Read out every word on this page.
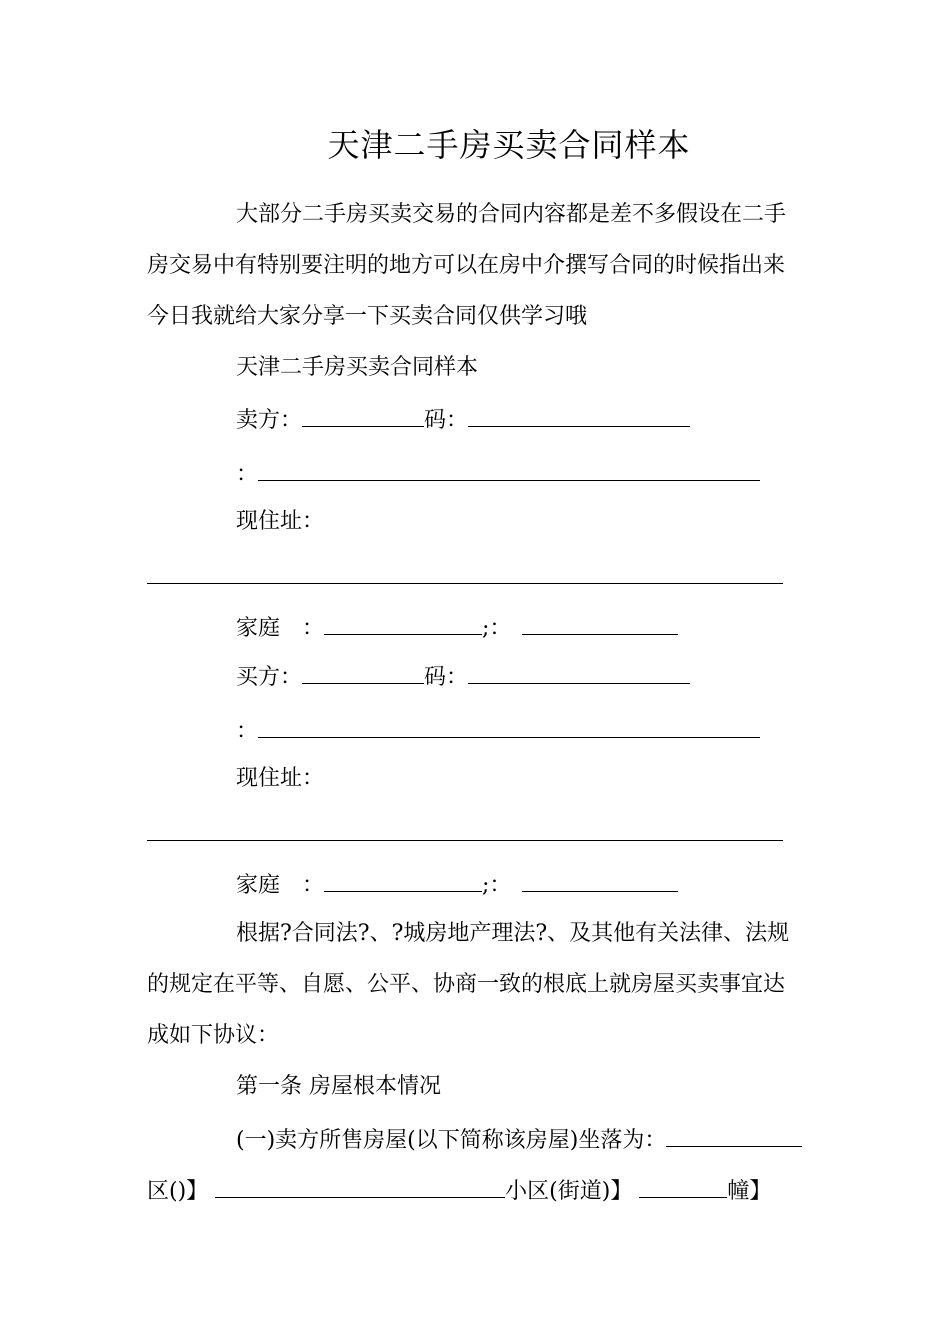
天津二手房买卖合同样本
大部分二手房买卖交易的合同内容都是差不多假设在二手
房交易中有特别要注明的地方可以在房中介撰写合同的时候指出来
今日我就给大家分享一下买卖合同仅供学习哦
天津二手房买卖合同样本
卖方：	码：
：
现住址：
家庭　：	;：　
买方：	码：
：
现住址：
家庭　：	;：　
根据?合同法?、?城房地产理法?、及其他有关法律、法规
的规定在平等、自愿、公平、协商一致的根底上就房屋买卖事宜达
成如下协议：
第一条 房屋根本情况
(一)卖方所售房屋(以下简称该房屋)坐落为：
区()】	小区(街道)】	幢】
